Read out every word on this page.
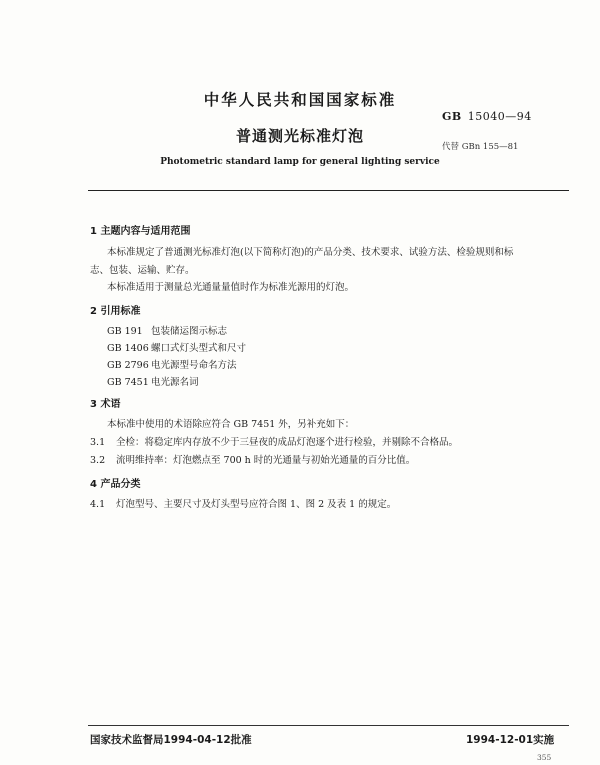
中华人民共和国国家标准
GB 15040—94
普通测光标准灯泡
代替 GBn 155—81
Photometric standard lamp for general lighting service
1 主题内容与适用范围
本标准规定了普通测光标准灯泡(以下简称灯泡)的产品分类、技术要求、试验方法、检验规则和标
志、包装、运输、贮存。
本标准适用于测量总光通量量值时作为标准光源用的灯泡。
2 引用标准
GB 191 包装储运图示标志
GB 1406 螺口式灯头型式和尺寸
GB 2796 电光源型号命名方法
GB 7451 电光源名词
3 术语
本标准中使用的术语除应符合 GB 7451 外，另补充如下：
3.1 全检：将稳定库内存放不少于三昼夜的成品灯泡逐个进行检验，并剔除不合格品。
3.2 流明维持率：灯泡燃点至 700 h 时的光通量与初始光通量的百分比值。
4 产品分类
4.1 灯泡型号、主要尺寸及灯头型号应符合图 1、图 2 及表 1 的规定。
国家技术监督局1994-04-12批准	1994-12-01实施
355
